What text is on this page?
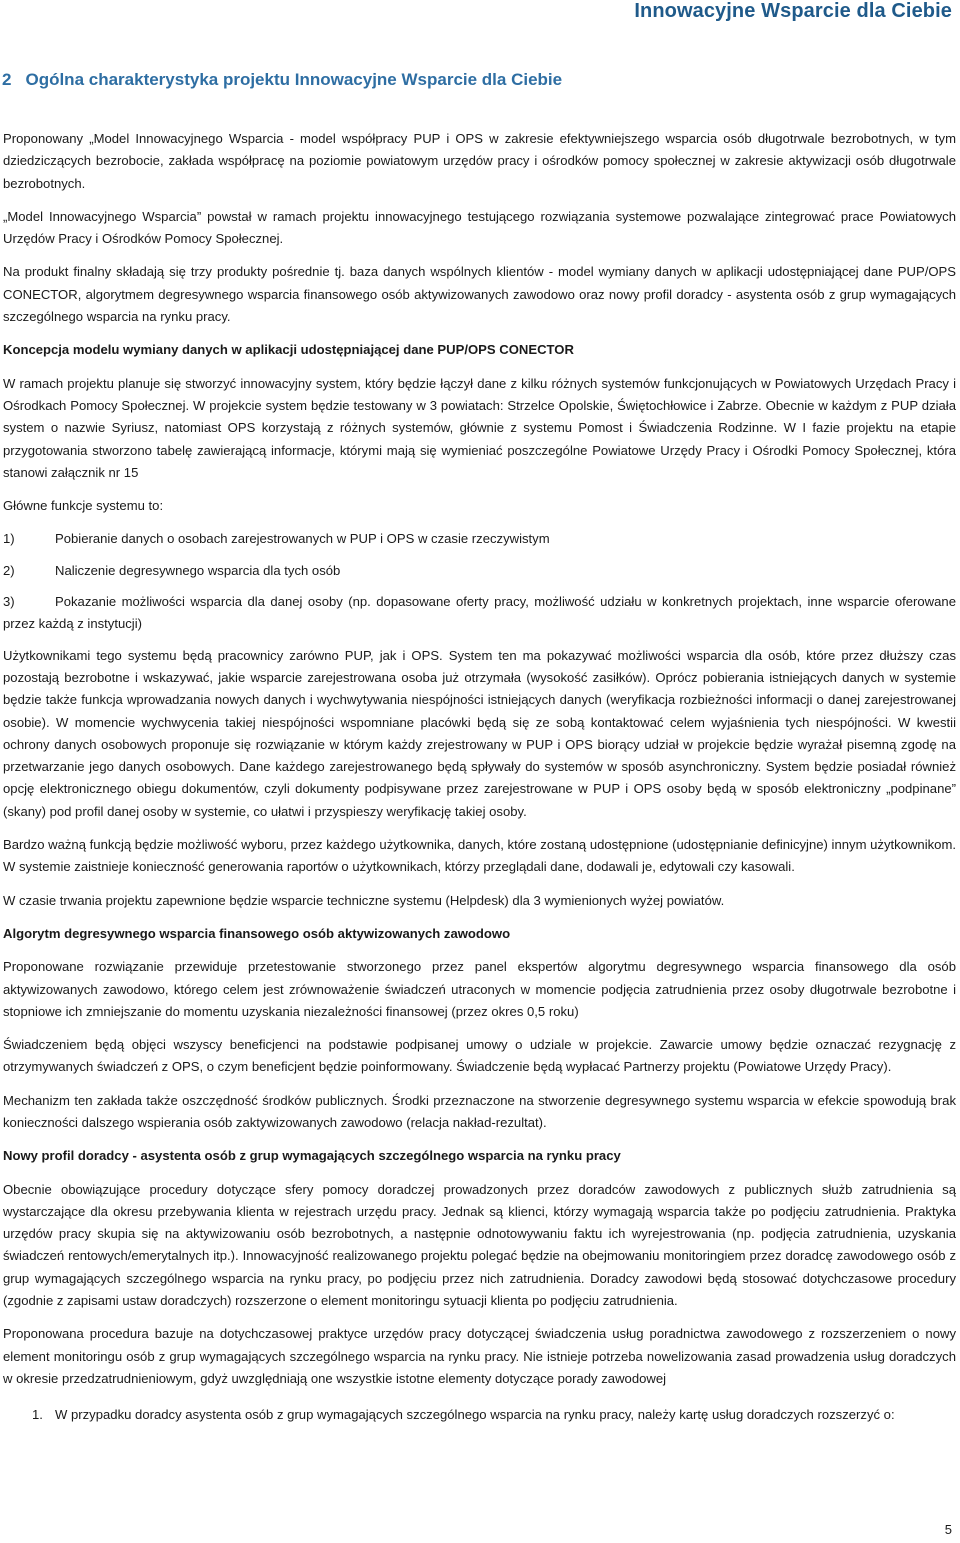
Innowacyjne Wsparcie dla Ciebie
2 Ogólna charakterystyka projektu Innowacyjne Wsparcie dla Ciebie

Proponowany „Model Innowacyjnego Wsparcia - model współpracy PUP i OPS w zakresie efektywniejszego wsparcia osób długotrwale bezrobotnych, w tym dziedziczących bezrobocie, zakłada współpracę na poziomie powiatowym urzędów pracy i ośrodków pomocy społecznej w zakresie aktywizacji osób długotrwale bezrobotnych.

„Model Innowacyjnego Wsparcia” powstał w ramach projektu innowacyjnego testującego rozwiązania systemowe pozwalające zintegrować prace Powiatowych Urzędów Pracy i Ośrodków Pomocy Społecznej.

Na produkt finalny składają się trzy produkty pośrednie tj. baza danych wspólnych klientów - model wymiany danych w aplikacji udostępniającej dane PUP/OPS CONECTOR, algorytmem degresywnego wsparcia finansowego osób aktywizowanych zawodowo oraz nowy profil doradcy - asystenta osób z grup wymagających szczególnego wsparcia na rynku pracy.

Koncepcja modelu wymiany danych w aplikacji udostępniającej dane PUP/OPS CONECTOR

W ramach projektu planuje się stworzyć innowacyjny system, który będzie łączył dane z kilku różnych systemów funkcjonujących w Powiatowych Urzędach Pracy i Ośrodkach Pomocy Społecznej. W projekcie system będzie testowany w 3 powiatach: Strzelce Opolskie, Świętochłowice i Zabrze. Obecnie w każdym z PUP działa system o nazwie Syriusz, natomiast OPS korzystają z różnych systemów, głównie z systemu Pomost i Świadczenia Rodzinne. W I fazie projektu na etapie przygotowania stworzono tabelę zawierającą informacje, którymi mają się wymieniać poszczególne Powiatowe Urzędy Pracy i Ośrodki Pomocy Społecznej, która stanowi załącznik nr 15

Główne funkcje systemu to:

1)	Pobieranie danych o osobach zarejestrowanych w PUP i OPS w czasie rzeczywistym
2)	Naliczenie degresywnego wsparcia dla tych osób
3)	Pokazanie możliwości wsparcia dla danej osoby (np. dopasowane oferty pracy, możliwość udziału w konkretnych projektach, inne wsparcie oferowane przez każdą z instytucji)

Użytkownikami tego systemu będą pracownicy zarówno PUP, jak i OPS. System ten ma pokazywać możliwości wsparcia dla osób, które przez dłuższy czas pozostają bezrobotne i wskazywać, jakie wsparcie zarejestrowana osoba już otrzymała (wysokość zasiłków). Oprócz pobierania istniejących danych w systemie będzie także funkcja wprowadzania nowych danych i wychwytywania niespójności istniejących danych (weryfikacja rozbieżności informacji o danej zarejestrowanej osobie). W momencie wychwycenia takiej niespójności wspomniane placówki będą się ze sobą kontaktować celem wyjaśnienia tych niespójności. W kwestii ochrony danych osobowych proponuje się rozwiązanie w którym każdy zrejestrowany w PUP i OPS biorący udział w projekcie będzie wyrażał pisemną zgodę na przetwarzanie jego danych osobowych. Dane każdego zarejestrowanego będą spływały do systemów w sposób asynchroniczny. System będzie posiadał również opcję elektronicznego obiegu dokumentów, czyli dokumenty podpisywane przez zarejestrowane w PUP i OPS osoby będą w sposób elektroniczny „podpinane” (skany) pod profil danej osoby w systemie, co ułatwi i przyspieszy weryfikację takiej osoby.

Bardzo ważną funkcją będzie możliwość wyboru, przez każdego użytkownika, danych, które zostaną udostępnione (udostępnianie definicyjne) innym użytkownikom. W systemie zaistnieje konieczność generowania raportów o użytkownikach, którzy przeglądali dane, dodawali je, edytowali czy kasowali.

W czasie trwania projektu zapewnione będzie wsparcie techniczne systemu (Helpdesk) dla 3 wymienionych wyżej powiatów.

Algorytm degresywnego wsparcia finansowego osób aktywizowanych zawodowo

Proponowane rozwiązanie przewiduje przetestowanie stworzonego przez panel ekspertów algorytmu degresywnego wsparcia finansowego dla osób aktywizowanych zawodowo, którego celem jest zrównoważenie świadczeń utraconych w momencie podjęcia zatrudnienia przez osoby długotrwale bezrobotne i stopniowe ich zmniejszanie do momentu uzyskania niezależności finansowej (przez okres 0,5 roku)

Świadczeniem będą objęci wszyscy beneficjenci na podstawie podpisanej umowy o udziale w projekcie. Zawarcie umowy będzie oznaczać rezygnację z otrzymywanych świadczeń z OPS, o czym beneficjent będzie poinformowany. Świadczenie będą wypłacać Partnerzy projektu (Powiatowe Urzędy Pracy).

Mechanizm ten zakłada także oszczędność środków publicznych. Środki przeznaczone na stworzenie degresywnego systemu wsparcia w efekcie spowodują brak konieczności dalszego wspierania osób zaktywizowanych zawodowo (relacja nakład-rezultat).

Nowy profil doradcy - asystenta osób z grup wymagających szczególnego wsparcia na rynku pracy

Obecnie obowiązujące procedury dotyczące sfery pomocy doradczej prowadzonych przez doradców zawodowych z publicznych służb zatrudnienia są wystarczające dla okresu przebywania klienta w rejestrach urzędu pracy. Jednak są klienci, którzy wymagają wsparcia także po podjęciu zatrudnienia. Praktyka urzędów pracy skupia się na aktywizowaniu osób bezrobotnych, a następnie odnotowywaniu faktu ich wyrejestrowania (np. podjęcia zatrudnienia, uzyskania świadczeń rentowych/emerytalnych itp.). Innowacyjność realizowanego projektu polegać będzie na obejmowaniu monitoringiem przez doradcę zawodowego osób z grup wymagających szczególnego wsparcia na rynku pracy, po podjęciu przez nich zatrudnienia. Doradcy zawodowi będą stosować dotychczasowe procedury (zgodnie z zapisami ustaw doradczych) rozszerzone o element monitoringu sytuacji klienta po podjęciu zatrudnienia.

Proponowana procedura bazuje na dotychczasowej praktyce urzędów pracy dotyczącej świadczenia usług poradnictwa zawodowego z rozszerzeniem o nowy element monitoringu osób z grup wymagających szczególnego wsparcia na rynku pracy. Nie istnieje potrzeba nowelizowania zasad prowadzenia usług doradczych w okresie przedzatrudnieniowym, gdyż uwzględniają one wszystkie istotne elementy dotyczące porady zawodowej

1. W przypadku doradcy asystenta osób z grup wymagających szczególnego wsparcia na rynku pracy, należy kartę usług doradczych rozszerzyć o:
5
